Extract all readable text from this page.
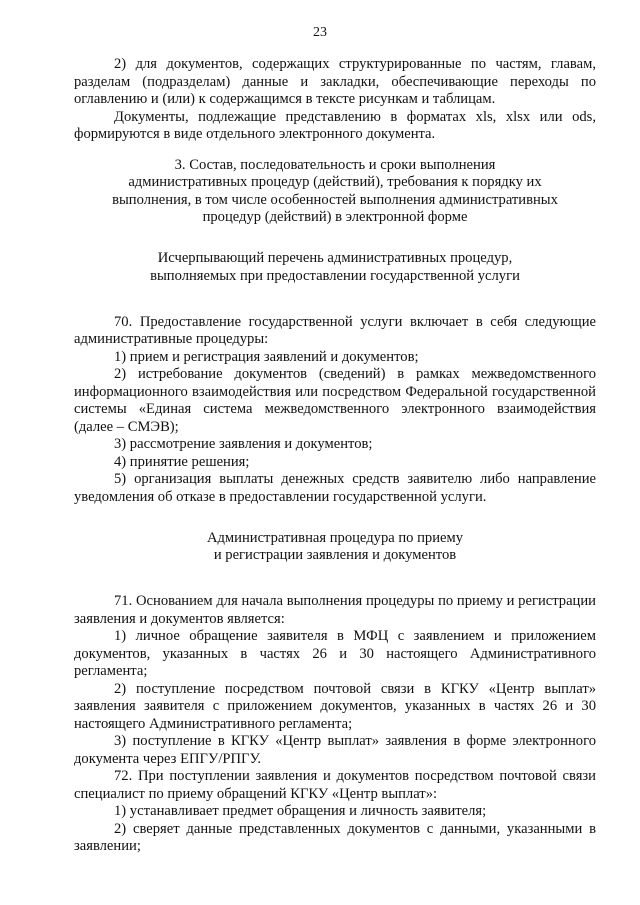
23

2) для документов, содержащих структурированные по частям, главам, разделам (подразделам) данные и закладки, обеспечивающие переходы по оглавлению и (или) к содержащимся в тексте рисункам и таблицам.

Документы, подлежащие представлению в форматах xls, xlsx или ods, формируются в виде отдельного электронного документа.

3. Состав, последовательность и сроки выполнения

административных процедур (действий), требования к порядку их

выполнения, в том числе особенностей выполнения административных

процедур (действий) в электронной форме

Исчерпывающий перечень административных процедур,

выполняемых при предоставлении государственной услуги

70. Предоставление государственной услуги включает в себя следующие административные процедуры:

1) прием и регистрация заявлений и документов;

2) истребование документов (сведений) в рамках межведомственного информационного взаимодействия или посредством Федеральной государственной системы «Единая система межведомственного электронного взаимодействия (далее – СМЭВ);

3) рассмотрение заявления и документов;

4) принятие решения;

5) организация выплаты денежных средств заявителю либо направление уведомления об отказе в предоставлении государственной услуги.

Административная процедура по приему

и регистрации заявления и документов

71. Основанием для начала выполнения процедуры по приему и регистрации заявления и документов является:

1) личное обращение заявителя в МФЦ с заявлением и приложением документов, указанных в частях 26 и 30 настоящего Административного регламента;

2) поступление посредством почтовой связи в КГКУ «Центр выплат» заявления заявителя с приложением документов, указанных в частях 26 и 30 настоящего Административного регламента;

3) поступление в КГКУ «Центр выплат» заявления в форме электронного документа через ЕПГУ/РПГУ.

72. При поступлении заявления и документов посредством почтовой связи специалист по приему обращений КГКУ «Центр выплат»:

1) устанавливает предмет обращения и личность заявителя;

2) сверяет данные представленных документов с данными, указанными в заявлении;
